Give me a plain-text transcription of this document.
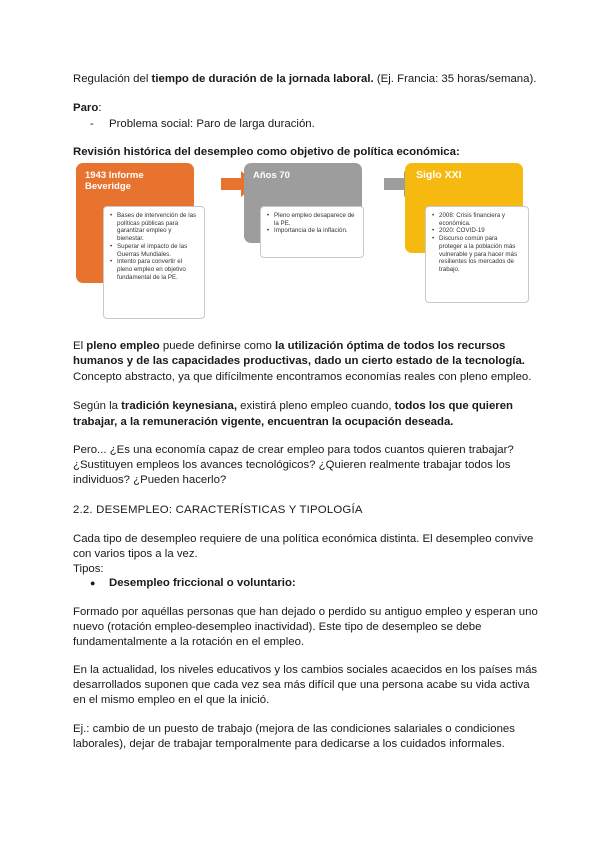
Regulación del tiempo de duración de la jornada laboral. (Ej. Francia: 35 horas/semana).
Paro:
- Problema social: Paro de larga duración.
Revisión histórica del desempleo como objetivo de política económica:
1943 Informe
Beveridge
• Bases de intervención de las políticas públicas para garantizar empleo y bienestar.
• Superar el impacto de las Guerras Mundiales.
• Intento para convertir el pleno empleo en objetivo fundamental de la PE.
Años 70
• Pleno empleo desaparece de la PE.
• Importancia de la inflación.
Siglo XXI
• 2008: Crisis financiera y económica.
• 2020: COVID-19
• Discurso común para proteger a la población más vulnerable y para hacer más resilientes los mercados de trabajo.
El pleno empleo puede definirse como la utilización óptima de todos los recursos
humanos y de las capacidades productivas, dado un cierto estado de la tecnología.
Concepto abstracto, ya que difícilmente encontramos economías reales con pleno empleo.
Según la tradición keynesiana, existirá pleno empleo cuando, todos los que quieren
trabajar, a la remuneración vigente, encuentran la ocupación deseada.
Pero... ¿Es una economía capaz de crear empleo para todos cuantos quieren trabajar?
¿Sustituyen empleos los avances tecnológicos? ¿Quieren realmente trabajar todos los
individuos? ¿Pueden hacerlo?
2.2. DESEMPLEO: CARACTERÍSTICAS Y TIPOLOGÍA
Cada tipo de desempleo requiere de una política económica distinta. El desempleo convive
con varios tipos a la vez.
Tipos:
● Desempleo friccional o voluntario:
Formado por aquéllas personas que han dejado o perdido su antiguo empleo y esperan uno
nuevo (rotación empleo-desempleo inactividad). Este tipo de desempleo se debe
fundamentalmente a la rotación en el empleo.
En la actualidad, los niveles educativos y los cambios sociales acaecidos en los países más
desarrollados suponen que cada vez sea más difícil que una persona acabe su vida activa
en el mismo empleo en el que la inició.
Ej.: cambio de un puesto de trabajo (mejora de las condiciones salariales o condiciones
laborales), dejar de trabajar temporalmente para dedicarse a los cuidados informales.
